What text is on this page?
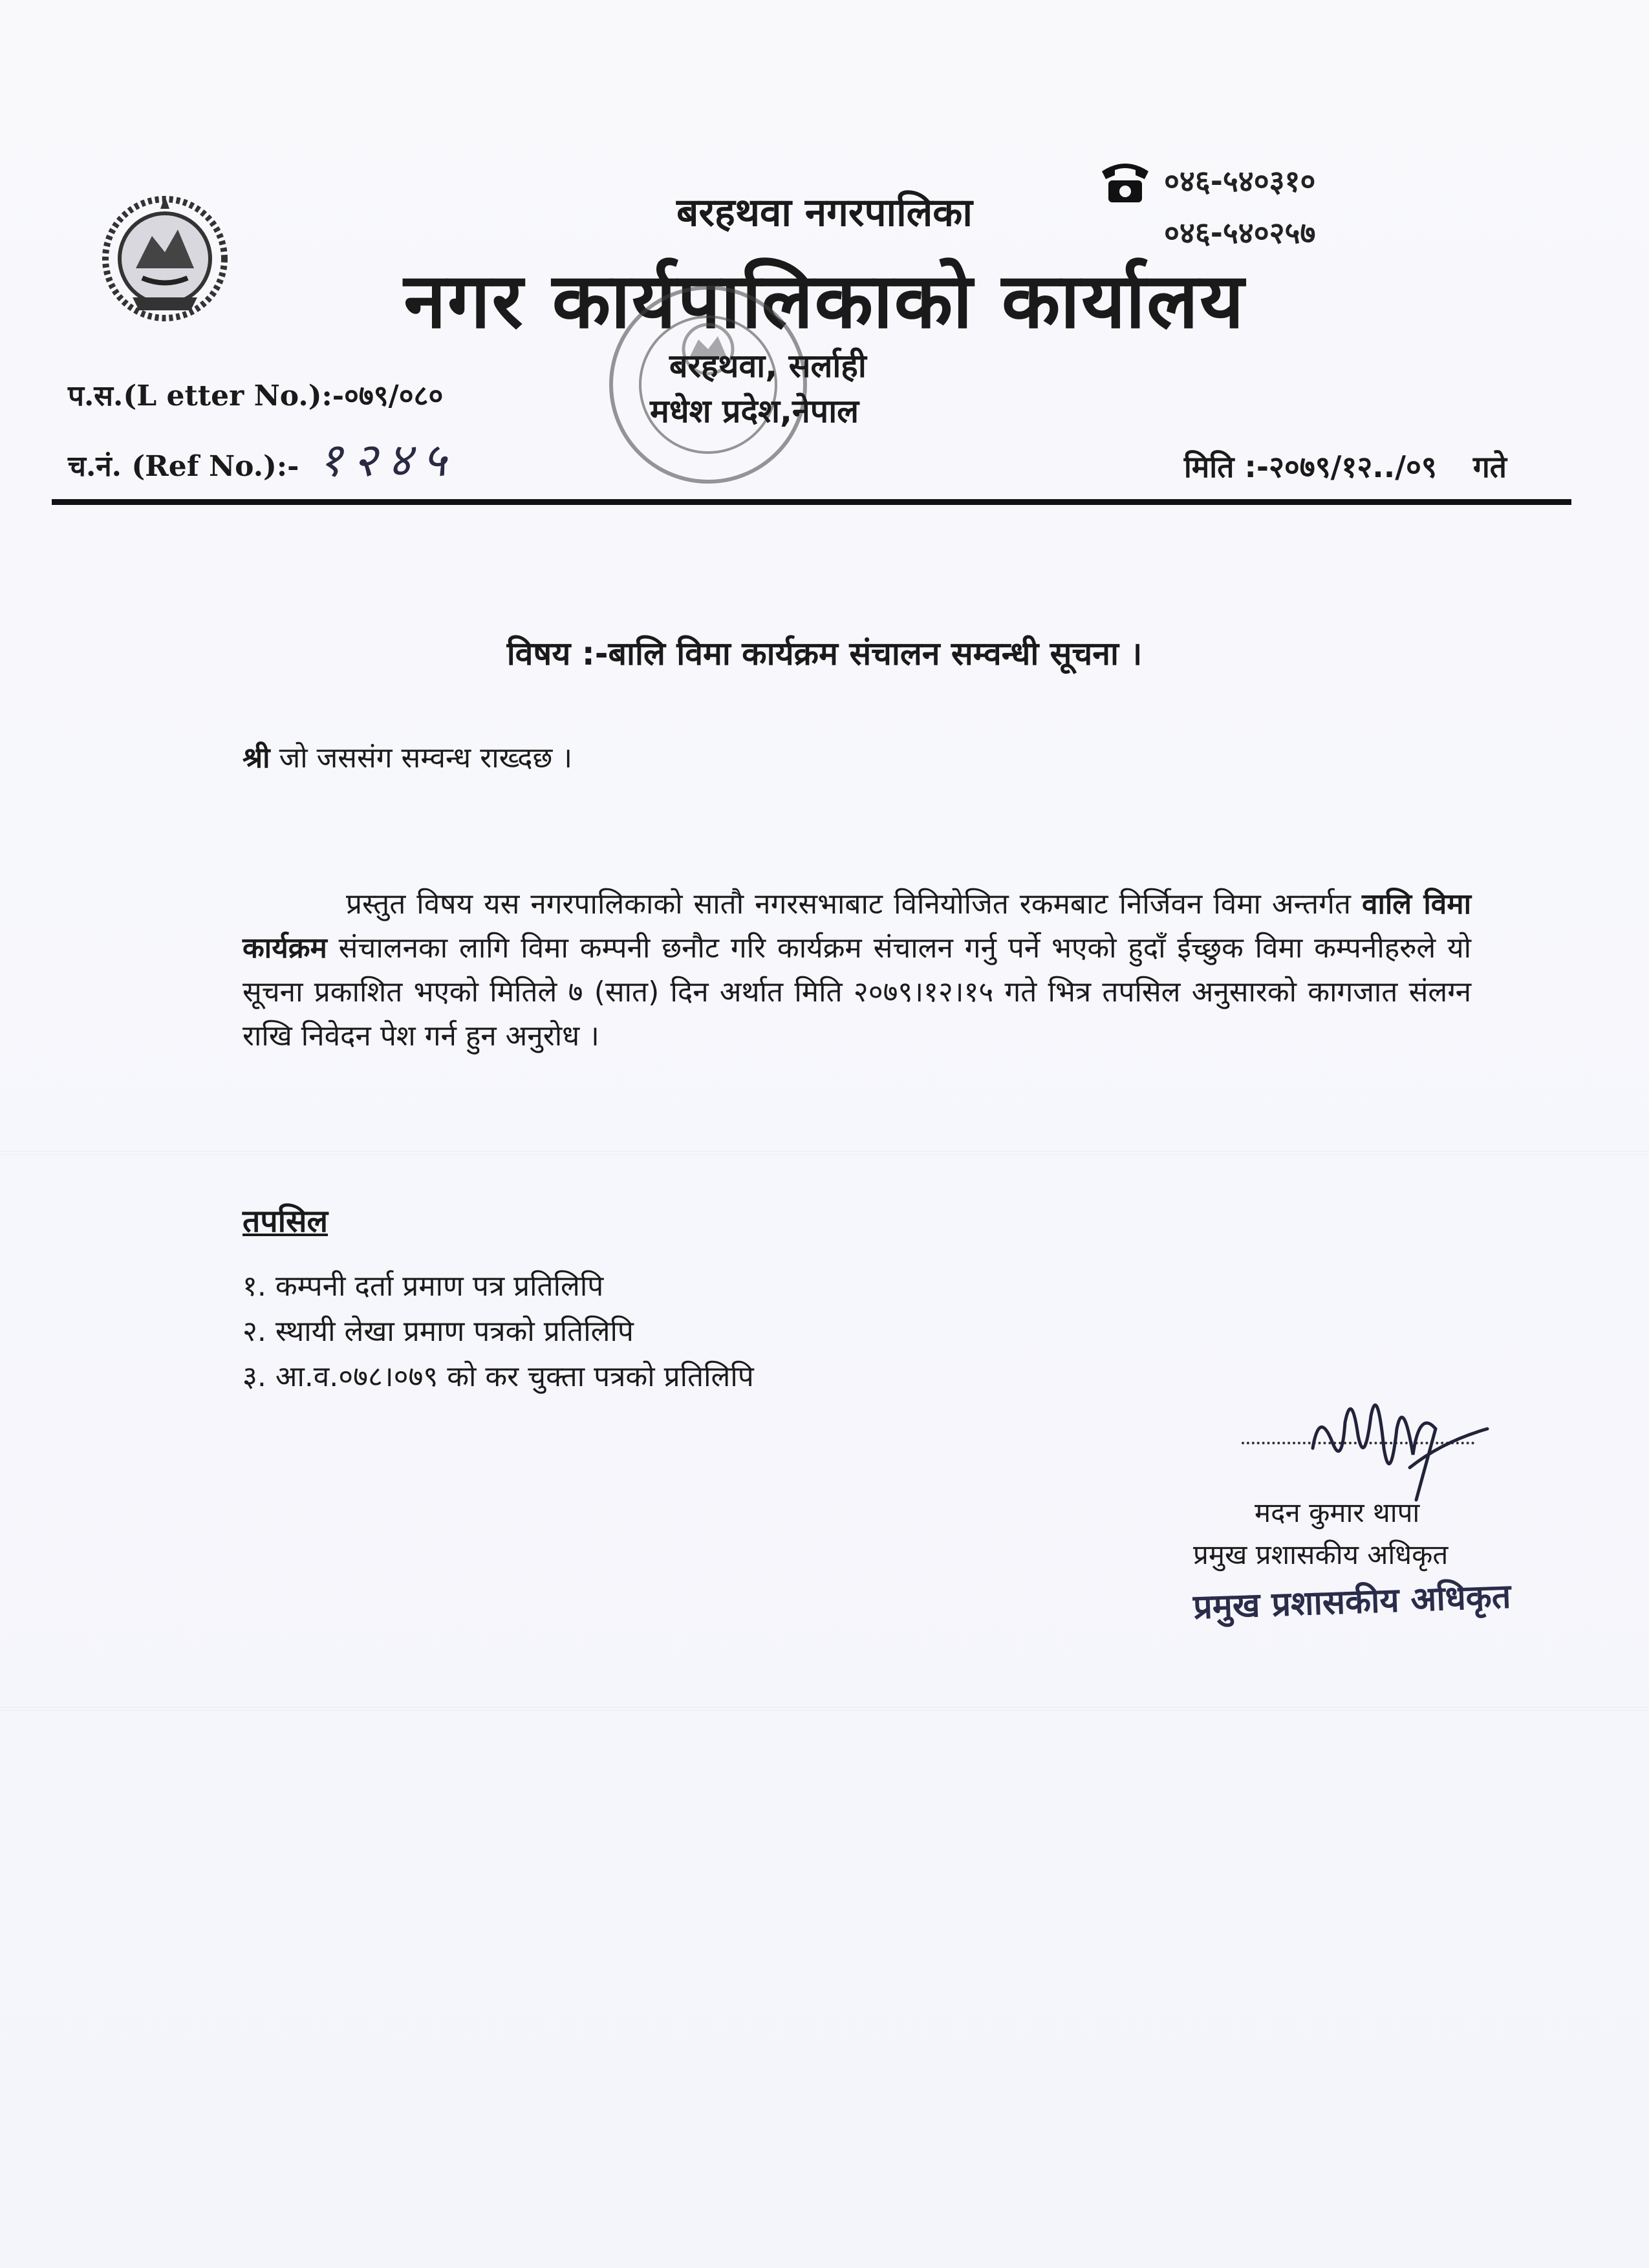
०४६-५४०३१०
०४६-५४०२५७
बरहथवा नगरपालिका
नगर कार्यपालिकाको कार्यालय
बरहथवा, सर्लाही
मधेश प्रदेश,नेपाल
प.स.(L etter No.):-०७९/०८०
च.नं. (Ref No.):- १२४५	मिति :-२०७९/१२../०९ गते
विषय :-बालि विमा कार्यक्रम संचालन सम्वन्धी सूचना ।
श्री जो जससंग सम्वन्ध राख्दछ ।
प्रस्तुत विषय यस नगरपालिकाको सातौ नगरसभाबाट विनियोजित रकमबाट निर्जिवन विमा अन्तर्गत वालि विमा कार्यक्रम संचालनका लागि विमा कम्पनी छनौट गरि कार्यक्रम संचालन गर्नु पर्ने भएको हुदाँ ईच्छुक विमा कम्पनीहरुले यो सूचना प्रकाशित भएको मितिले ७ (सात) दिन अर्थात मिति २०७९।१२।१५ गते भित्र तपसिल अनुसारको कागजात संलग्न राखि निवेदन पेश गर्न हुन अनुरोध ।
तपसिल
१. कम्पनी दर्ता प्रमाण पत्र प्रतिलिपि
२. स्थायी लेखा प्रमाण पत्रको प्रतिलिपि
३. आ.व.०७८।०७९ को कर चुक्ता पत्रको प्रतिलिपि
मदन कुमार थापा
प्रमुख प्रशासकीय अधिकृत
प्रमुख प्रशासकीय अधिकृत
